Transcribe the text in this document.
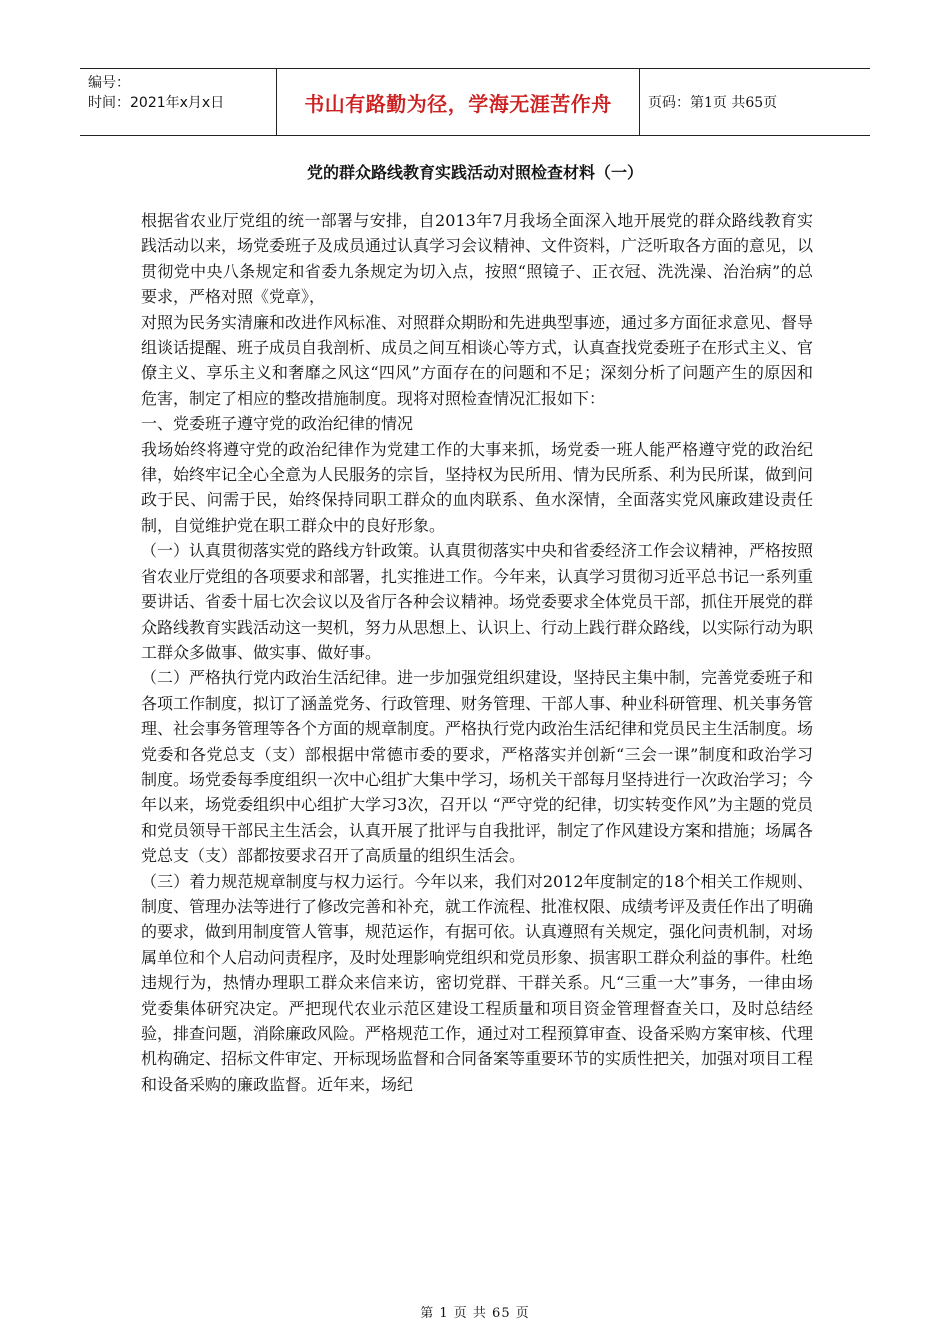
编号：
时间：2021年x月x日	书山有路勤为径，学海无涯苦作舟	页码：第1页 共65页
党的群众路线教育实践活动对照检查材料（一）

根据省农业厅党组的统一部署与安排，自2013年7月我场全面深入地开展党的群众路线教育实践活动以来，场党委班子及成员通过认真学习会议精神、文件资料，广泛听取各方面的意见，以贯彻党中央八条规定和省委九条规定为切入点，按照“照镜子、正衣冠、洗洗澡、治治病”的总要求，严格对照《党章》，

对照为民务实清廉和改进作风标准、对照群众期盼和先进典型事迹，通过多方面征求意见、督导组谈话提醒、班子成员自我剖析、成员之间互相谈心等方式，认真查找党委班子在形式主义、官僚主义、享乐主义和奢靡之风这“四风”方面存在的问题和不足；深刻分析了问题产生的原因和危害，制定了相应的整改措施制度。现将对照检查情况汇报如下：

一、党委班子遵守党的政治纪律的情况

我场始终将遵守党的政治纪律作为党建工作的大事来抓，场党委一班人能严格遵守党的政治纪律，始终牢记全心全意为人民服务的宗旨，坚持权为民所用、情为民所系、利为民所谋，做到问政于民、问需于民，始终保持同职工群众的血肉联系、鱼水深情，全面落实党风廉政建设责任制，自觉维护党在职工群众中的良好形象。

（一）认真贯彻落实党的路线方针政策。认真贯彻落实中央和省委经济工作会议精神，严格按照省农业厅党组的各项要求和部署，扎实推进工作。今年来，认真学习贯彻习近平总书记一系列重要讲话、省委十届七次会议以及省厅各种会议精神。场党委要求全体党员干部，抓住开展党的群众路线教育实践活动这一契机，努力从思想上、认识上、行动上践行群众路线，以实际行动为职工群众多做事、做实事、做好事。

（二）严格执行党内政治生活纪律。进一步加强党组织建设，坚持民主集中制，完善党委班子和各项工作制度，拟订了涵盖党务、行政管理、财务管理、干部人事、种业科研管理、机关事务管理、社会事务管理等各个方面的规章制度。严格执行党内政治生活纪律和党员民主生活制度。场党委和各党总支（支）部根据中常德市委的要求，严格落实并创新“三会一课”制度和政治学习制度。场党委每季度组织一次中心组扩大集中学习，场机关干部每月坚持进行一次政治学习；今年以来，场党委组织中心组扩大学习3次，召开以 “严守党的纪律，切实转变作风”为主题的党员和党员领导干部民主生活会，认真开展了批评与自我批评，制定了作风建设方案和措施；场属各党总支（支）部都按要求召开了高质量的组织生活会。

（三）着力规范规章制度与权力运行。今年以来，我们对2012年度制定的18个相关工作规则、制度、管理办法等进行了修改完善和补充，就工作流程、批准权限、成绩考评及责任作出了明确的要求，做到用制度管人管事，规范运作，有据可依。认真遵照有关规定，强化问责机制，对场属单位和个人启动问责程序，及时处理影响党组织和党员形象、损害职工群众利益的事件。杜绝违规行为，热情办理职工群众来信来访，密切党群、干群关系。凡“三重一大”事务，一律由场党委集体研究决定。严把现代农业示范区建设工程质量和项目资金管理督查关口，及时总结经验，排查问题，消除廉政风险。严格规范工作，通过对工程预算审查、设备采购方案审核、代理机构确定、招标文件审定、开标现场监督和合同备案等重要环节的实质性把关，加强对项目工程和设备采购的廉政监督。近年来，场纪

第 1 页 共 65 页
